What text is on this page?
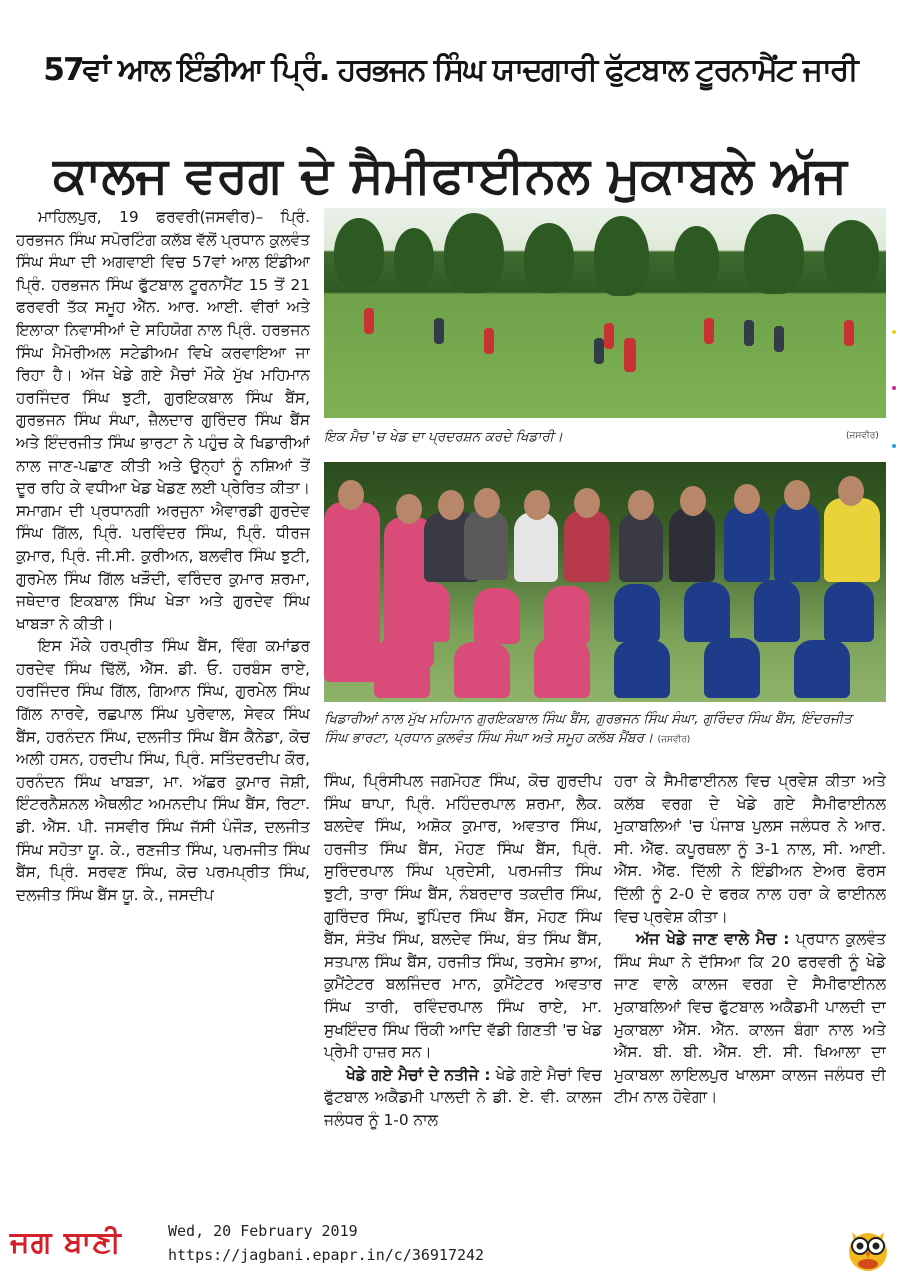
57ਵਾਂ ਆਲ ਇੰਡੀਆ ਪ੍ਰਿੰ. ਹਰਭਜਨ ਸਿੰਘ ਯਾਦਗਾਰੀ ਫੁੱਟਬਾਲ ਟੂਰਨਾਮੈਂਟ ਜਾਰੀ
ਕਾਲਜ ਵਰਗ ਦੇ ਸੈਮੀਫਾਈਨਲ ਮੁਕਾਬਲੇ ਅੱਜ

ਮਾਹਿਲਪੁਰ, 19 ਫਰਵਰੀ(ਜਸਵੀਰ)– ਪ੍ਰਿੰ. ਹਰਭਜਨ ਸਿੰਘ ਸਪੋਰਟਿੰਗ ਕਲੱਬ ਵੱਲੋਂ ਪ੍ਰਧਾਨ ਕੁਲਵੰਤ ਸਿੰਘ ਸੰਘਾ ਦੀ ਅਗਵਾਈ ਵਿਚ 57ਵਾਂ ਆਲ ਇੰਡੀਆ ਪ੍ਰਿੰ. ਹਰਭਜਨ ਸਿੰਘ ਫੁੱਟਬਾਲ ਟੂਰਨਾਮੈਂਟ 15 ਤੋਂ 21 ਫਰਵਰੀ ਤੱਕ ਸਮੂਹ ਐੱਨ. ਆਰ. ਆਈ. ਵੀਰਾਂ ਅਤੇ ਇਲਾਕਾ ਨਿਵਾਸੀਆਂ ਦੇ ਸਹਿਯੋਗ ਨਾਲ ਪ੍ਰਿੰ. ਹਰਭਜਨ ਸਿੰਘ ਮੈਮੋਰੀਅਲ ਸਟੇਡੀਅਮ ਵਿਖੇ ਕਰਵਾਇਆ ਜਾ ਰਿਹਾ ਹੈ। ਅੱਜ ਖੇਡੇ ਗਏ ਮੈਚਾਂ ਮੌਕੇ ਮੁੱਖ ਮਹਿਮਾਨ ਹਰਜਿੰਦਰ ਸਿੰਘ ਝੁਟੀ, ਗੁਰਇਕਬਾਲ ਸਿੰਘ ਬੈਂਸ, ਗੁਰਭਜਨ ਸਿੰਘ ਸੰਘਾ, ਜ਼ੈਲਦਾਰ ਗੁਰਿੰਦਰ ਸਿੰਘ ਬੈਂਸ ਅਤੇ ਇੰਦਰਜੀਤ ਸਿੰਘ ਭਾਰਟਾ ਨੇ ਪਹੁੰਚ ਕੇ ਖਿਡਾਰੀਆਂ ਨਾਲ ਜਾਣ-ਪਛਾਣ ਕੀਤੀ ਅਤੇ ਉਨ੍ਹਾਂ ਨੂੰ ਨਸ਼ਿਆਂ ਤੋਂ ਦੂਰ ਰਹਿ ਕੇ ਵਧੀਆ ਖੇਡ ਖੇਡਣ ਲਈ ਪ੍ਰੇਰਿਤ ਕੀਤਾ। ਸਮਾਗਮ ਦੀ ਪ੍ਰਧਾਨਗੀ ਅਰਜੁਨਾ ਐਵਾਰਡੀ ਗੁਰਦੇਵ ਸਿੰਘ ਗਿੱਲ, ਪ੍ਰਿੰ. ਪਰਵਿੰਦਰ ਸਿੰਘ, ਪ੍ਰਿੰ. ਧੀਰਜ ਕੁਮਾਰ, ਪ੍ਰਿੰ. ਜੀ.ਸੀ. ਕੁਰੀਅਨ, ਬਲਵੀਰ ਸਿੰਘ ਝੁਟੀ, ਗੁਰਮੇਲ ਸਿੰਘ ਗਿੱਲ ਖੜੌਦੀ, ਵਰਿੰਦਰ ਕੁਮਾਰ ਸ਼ਰਮਾ, ਜਥੇਦਾਰ ਇਕਬਾਲ ਸਿੰਘ ਖੇੜਾ ਅਤੇ ਗੁਰਦੇਵ ਸਿੰਘ ਖਾਬੜਾ ਨੇ ਕੀਤੀ।

ਇਸ ਮੌਕੇ ਹਰਪ੍ਰੀਤ ਸਿੰਘ ਬੈਂਸ, ਵਿੰਗ ਕਮਾਂਡਰ ਹਰਦੇਵ ਸਿੰਘ ਢਿੱਲੋਂ, ਐੱਸ. ਡੀ. ਓ. ਹਰਬੰਸ ਰਾਏ, ਹਰਜਿੰਦਰ ਸਿੰਘ ਗਿੱਲ, ਗਿਆਨ ਸਿੰਘ, ਗੁਰਮੇਲ ਸਿੰਘ ਗਿੱਲ ਨਾਰਵੇ, ਰਛਪਾਲ ਸਿੰਘ ਪੁਰੇਵਾਲ, ਸੇਵਕ ਸਿੰਘ ਬੈਂਸ, ਹਰਨੰਦਨ ਸਿੰਘ, ਦਲਜੀਤ ਸਿੰਘ ਬੈਂਸ ਕੈਨੇਡਾ, ਕੋਚ ਅਲੀ ਹਸਨ, ਹਰਦੀਪ ਸਿੰਘ, ਪ੍ਰਿੰ. ਸਤਿੰਦਰਦੀਪ ਕੌਰ, ਹਰਨੰਦਨ ਸਿੰਘ ਖਾਬੜਾ, ਮਾ. ਅੱਛਰ ਕੁਮਾਰ ਜੋਸ਼ੀ, ਇੰਟਰਨੈਸ਼ਨਲ ਐਥਲੀਟ ਅਮਨਦੀਪ ਸਿੰਘ ਬੈਂਸ, ਰਿਟਾ. ਡੀ. ਐੱਸ. ਪੀ. ਜਸਵੀਰ ਸਿੰਘ ਜੱਸੀ ਪੰਜੌੜ, ਦਲਜੀਤ ਸਿੰਘ ਸਹੋਤਾ ਯੂ. ਕੇ., ਰਣਜੀਤ ਸਿੰਘ, ਪਰਮਜੀਤ ਸਿੰਘ ਬੈਂਸ, ਪ੍ਰਿੰ. ਸਰਵਣ ਸਿੰਘ, ਕੋਚ ਪਰਮਪ੍ਰੀਤ ਸਿੰਘ, ਦਲਜੀਤ ਸਿੰਘ ਬੈਂਸ ਯੂ. ਕੇ., ਜਸਦੀਪ

ਇਕ ਮੈਚ 'ਚ ਖੇਡ ਦਾ ਪ੍ਰਦਰਸ਼ਨ ਕਰਦੇ ਖਿਡਾਰੀ।	(ਜਸਵੀਰ)
ਖਿਡਾਰੀਆਂ ਨਾਲ ਮੁੱਖ ਮਹਿਮਾਨ ਗੁਰਇਕਬਾਲ ਸਿੰਘ ਬੈਂਸ, ਗੁਰਭਜਨ ਸਿੰਘ ਸੰਘਾ, ਗੁਰਿੰਦਰ ਸਿੰਘ ਬੈਂਸ, ਇੰਦਰਜੀਤ ਸਿੰਘ ਭਾਰਟਾ, ਪ੍ਰਧਾਨ ਕੁਲਵੰਤ ਸਿੰਘ ਸੰਘਾ ਅਤੇ ਸਮੂਹ ਕਲੱਬ ਮੈਂਬਰ। (ਜਸਵੀਰ)

ਸਿੰਘ, ਪ੍ਰਿੰਸੀਪਲ ਜਗਮੋਹਣ ਸਿੰਘ, ਕੋਚ ਗੁਰਦੀਪ ਸਿੰਘ ਥਾਪਾ, ਪ੍ਰਿੰ. ਮਹਿੰਦਰਪਾਲ ਸ਼ਰਮਾ, ਲੈਕ. ਬਲਦੇਵ ਸਿੰਘ, ਅਸ਼ੋਕ ਕੁਮਾਰ, ਅਵਤਾਰ ਸਿੰਘ, ਹਰਜੀਤ ਸਿੰਘ ਬੈਂਸ, ਮੋਹਣ ਸਿੰਘ ਬੈਂਸ, ਪ੍ਰਿੰ. ਸੁਰਿੰਦਰਪਾਲ ਸਿੰਘ ਪ੍ਰਦੇਸੀ, ਪਰਮਜੀਤ ਸਿੰਘ ਝੁਟੀ, ਤਾਰਾ ਸਿੰਘ ਬੈਂਸ, ਨੰਬਰਦਾਰ ਤਕਦੀਰ ਸਿੰਘ, ਗੁਰਿੰਦਰ ਸਿੰਘ, ਭੁਪਿੰਦਰ ਸਿੰਘ ਬੈਂਸ, ਮੋਹਣ ਸਿੰਘ ਬੈਂਸ, ਸੰਤੋਖ ਸਿੰਘ, ਬਲਦੇਵ ਸਿੰਘ, ਬੰਤ ਸਿੰਘ ਬੈਂਸ, ਸਤਪਾਲ ਸਿੰਘ ਬੈਂਸ, ਹਰਜੀਤ ਸਿੰਘ, ਤਰਸੇਮ ਭਾਅ, ਕੁਮੈਂਟੇਟਰ ਬਲਜਿੰਦਰ ਮਾਨ, ਕੁਮੈਂਟੇਟਰ ਅਵਤਾਰ ਸਿੰਘ ਤਾਰੀ, ਰਵਿੰਦਰਪਾਲ ਸਿੰਘ ਰਾਏ, ਮਾ. ਸੁਖਇੰਦਰ ਸਿੰਘ ਰਿੰਕੀ ਆਦਿ ਵੱਡੀ ਗਿਣਤੀ 'ਚ ਖੇਡ ਪ੍ਰੇਮੀ ਹਾਜ਼ਰ ਸਨ।

ਖੇਡੇ ਗਏ ਮੈਚਾਂ ਦੇ ਨਤੀਜੇ : ਖੇਡੇ ਗਏ ਮੈਚਾਂ ਵਿਚ ਫੁੱਟਬਾਲ ਅਕੈਡਮੀ ਪਾਲਦੀ ਨੇ ਡੀ. ਏ. ਵੀ. ਕਾਲਜ ਜਲੰਧਰ ਨੂੰ 1-0 ਨਾਲ

ਹਰਾ ਕੇ ਸੈਮੀਫਾਈਨਲ ਵਿਚ ਪ੍ਰਵੇਸ਼ ਕੀਤਾ ਅਤੇ ਕਲੱਬ ਵਰਗ ਦੇ ਖੇਡੇ ਗਏ ਸੈਮੀਫਾਈਨਲ ਮੁਕਾਬਲਿਆਂ 'ਚ ਪੰਜਾਬ ਪੁਲਸ ਜਲੰਧਰ ਨੇ ਆਰ. ਸੀ. ਐੱਫ. ਕਪੂਰਥਲਾ ਨੂੰ 3-1 ਨਾਲ, ਸੀ. ਆਈ. ਐੱਸ. ਐੱਫ. ਦਿੱਲੀ ਨੇ ਇੰਡੀਅਨ ਏਅਰ ਫੋਰਸ ਦਿੱਲੀ ਨੂੰ 2-0 ਦੇ ਫਰਕ ਨਾਲ ਹਰਾ ਕੇ ਫਾਈਨਲ ਵਿਚ ਪ੍ਰਵੇਸ਼ ਕੀਤਾ।

ਅੱਜ ਖੇਡੇ ਜਾਣ ਵਾਲੇ ਮੈਚ : ਪ੍ਰਧਾਨ ਕੁਲਵੰਤ ਸਿੰਘ ਸੰਘਾ ਨੇ ਦੱਸਿਆ ਕਿ 20 ਫਰਵਰੀ ਨੂੰ ਖੇਡੇ ਜਾਣ ਵਾਲੇ ਕਾਲਜ ਵਰਗ ਦੇ ਸੈਮੀਫਾਈਨਲ ਮੁਕਾਬਲਿਆਂ ਵਿਚ ਫੁੱਟਬਾਲ ਅਕੈਡਮੀ ਪਾਲਦੀ ਦਾ ਮੁਕਾਬਲਾ ਐੱਸ. ਐੱਨ. ਕਾਲਜ ਬੰਗਾ ਨਾਲ ਅਤੇ ਐੱਸ. ਬੀ. ਬੀ. ਐੱਸ. ਈ. ਸੀ. ਖਿਆਲਾ ਦਾ ਮੁਕਾਬਲਾ ਲਾਇਲਪੁਰ ਖਾਲਸਾ ਕਾਲਜ ਜਲੰਧਰ ਦੀ ਟੀਮ ਨਾਲ ਹੋਵੇਗਾ।

ਜਗ ਬਾਣੀ	Wed, 20 February 2019
https://jagbani.epapr.in/c/36917242
